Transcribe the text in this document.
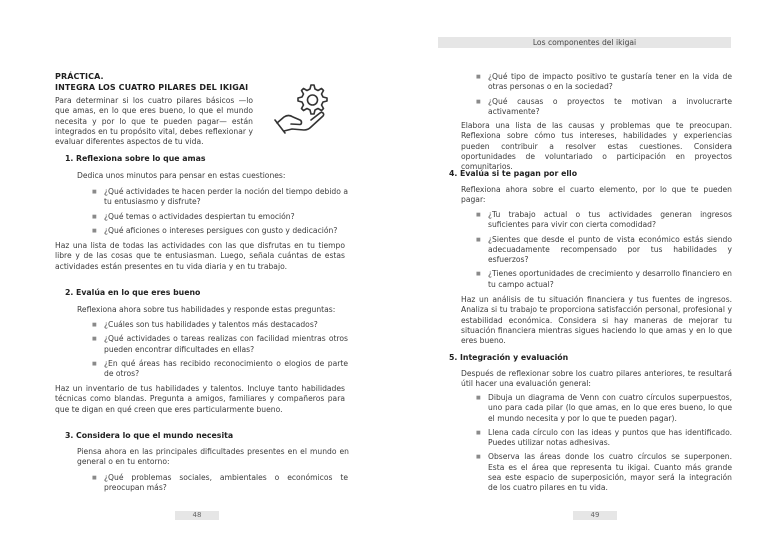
Los componentes del ikigai
PRÁCTICA.
INTEGRA LOS CUATRO PILARES DEL IKIGAI

Para determinar si los cuatro pilares básicos —lo que amas, en lo que eres bueno, lo que el mundo necesita y por lo que te pueden pagar— están integrados en tu propósito vital, debes reflexionar y evaluar diferentes aspectos de tu vida.

1. Reflexiona sobre lo que amas

Dedica unos minutos para pensar en estas cuestiones:

■ ¿Qué actividades te hacen perder la noción del tiempo debido a tu entusiasmo y disfrute?

■ ¿Qué temas o actividades despiertan tu emoción?

■ ¿Qué aficiones o intereses persigues con gusto y dedicación?

Haz una lista de todas las actividades con las que disfrutas en tu tiempo libre y de las cosas que te entusiasman. Luego, señala cuántas de estas actividades están presentes en tu vida diaria y en tu trabajo.

2. Evalúa en lo que eres bueno

Reflexiona ahora sobre tus habilidades y responde estas preguntas:

■ ¿Cuáles son tus habilidades y talentos más destacados?

■ ¿Qué actividades o tareas realizas con facilidad mientras otros pueden encontrar dificultades en ellas?

■ ¿En qué áreas has recibido reconocimiento o elogios de parte de otros?

Haz un inventario de tus habilidades y talentos. Incluye tanto habilidades técnicas como blandas. Pregunta a amigos, familiares y compañeros para que te digan en qué creen que eres particularmente bueno.

3. Considera lo que el mundo necesita

Piensa ahora en las principales dificultades presentes en el mundo en general o en tu entorno:

■ ¿Qué problemas sociales, ambientales o económicos te preocupan más?

48

■ ¿Qué tipo de impacto positivo te gustaría tener en la vida de otras personas o en la sociedad?

■ ¿Qué causas o proyectos te motivan a involucrarte activamente?

Elabora una lista de las causas y problemas que te preocupan. Reflexiona sobre cómo tus intereses, habilidades y experiencias pueden contribuir a resolver estas cuestiones. Considera oportunidades de voluntariado o participación en proyectos comunitarios.

4. Evalúa si te pagan por ello

Reflexiona ahora sobre el cuarto elemento, por lo que te pueden pagar:

■ ¿Tu trabajo actual o tus actividades generan ingresos suficientes para vivir con cierta comodidad?

■ ¿Sientes que desde el punto de vista económico estás siendo adecuadamente recompensado por tus habilidades y esfuerzos?

■ ¿Tienes oportunidades de crecimiento y desarrollo financiero en tu campo actual?

Haz un análisis de tu situación financiera y tus fuentes de ingresos. Analiza si tu trabajo te proporciona satisfacción personal, profesional y estabilidad económica. Considera si hay maneras de mejorar tu situación financiera mientras sigues haciendo lo que amas y en lo que eres bueno.

5. Integración y evaluación

Después de reflexionar sobre los cuatro pilares anteriores, te resultará útil hacer una evaluación general:

■ Dibuja un diagrama de Venn con cuatro círculos superpuestos, uno para cada pilar (lo que amas, en lo que eres bueno, lo que el mundo necesita y por lo que te pueden pagar).

■ Llena cada círculo con las ideas y puntos que has identificado. Puedes utilizar notas adhesivas.

■ Observa las áreas donde los cuatro círculos se superponen. Esta es el área que representa tu ikigai. Cuanto más grande sea este espacio de superposición, mayor será la integración de los cuatro pilares en tu vida.

49
